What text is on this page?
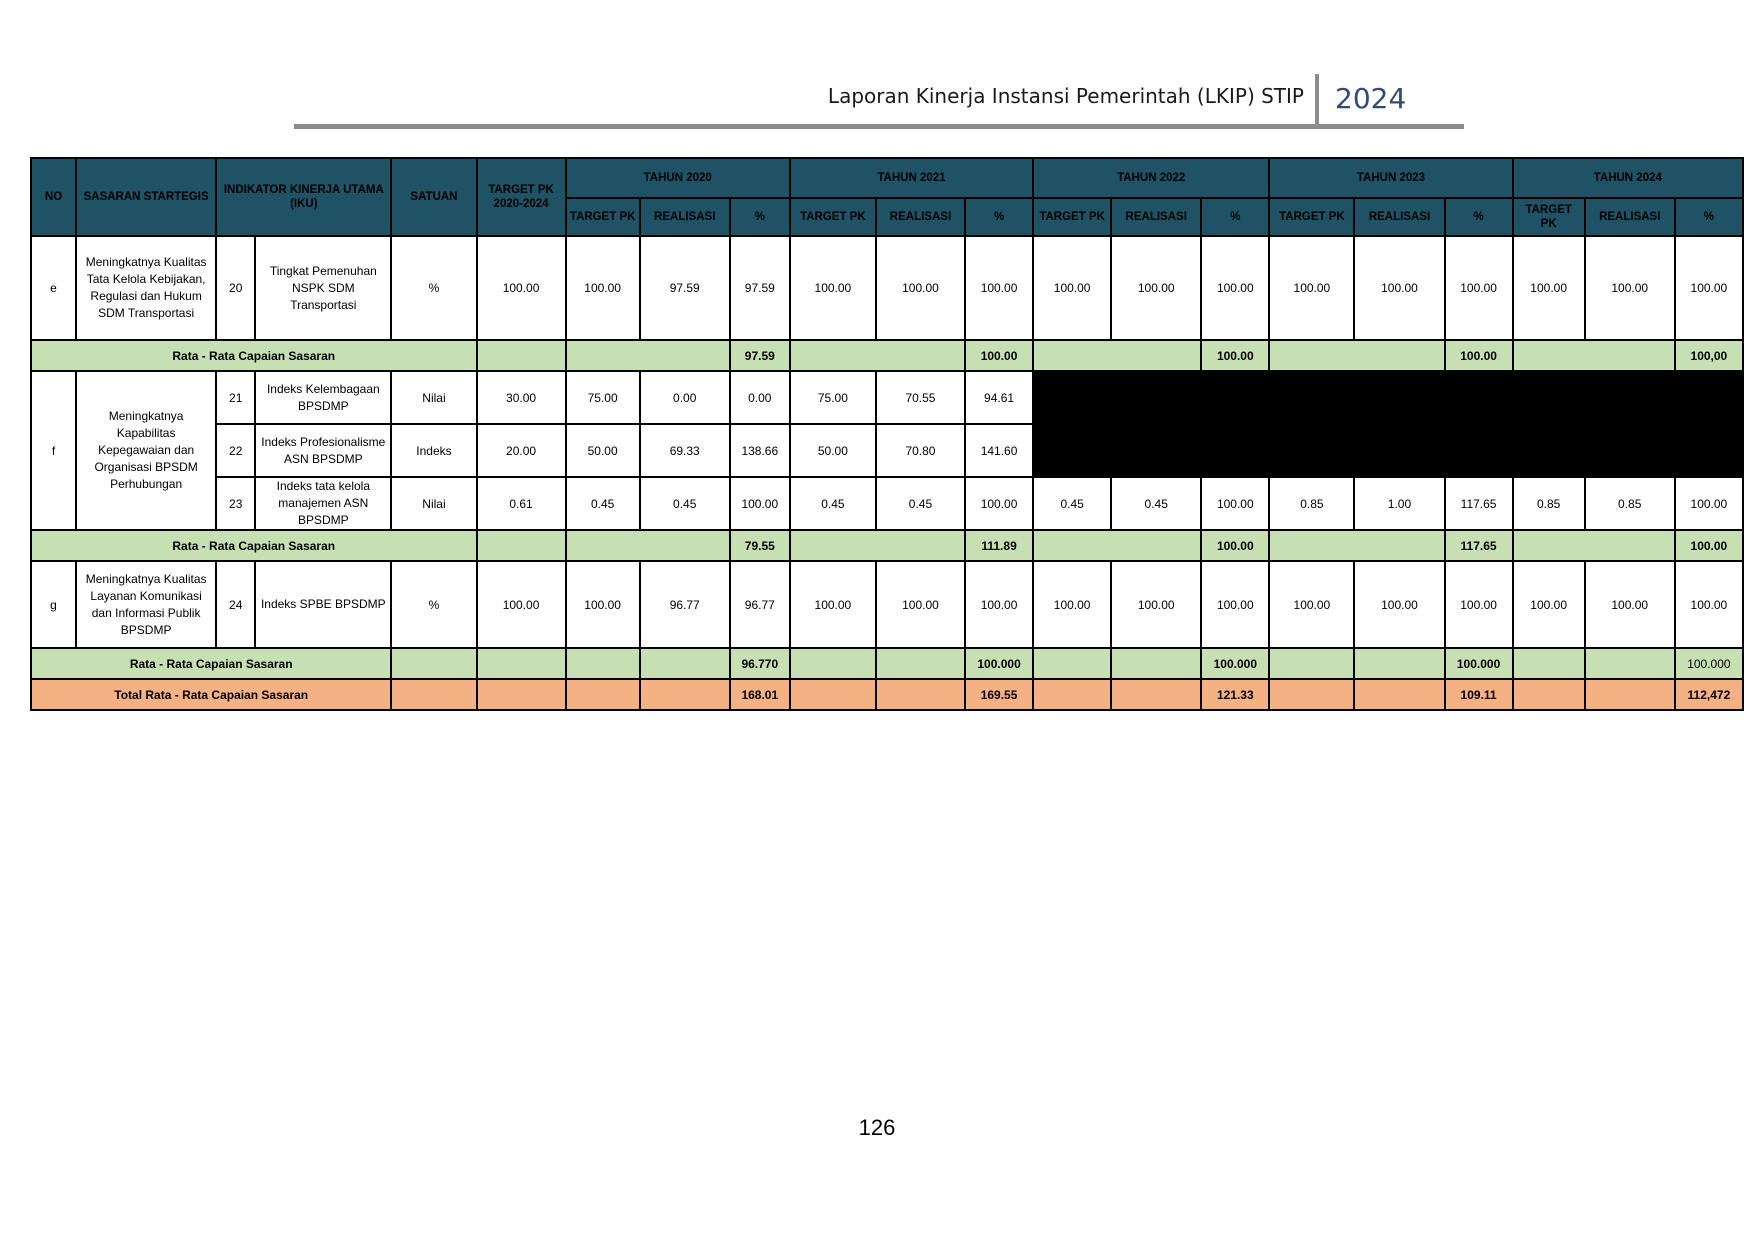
Laporan Kinerja Instansi Pemerintah (LKIP) STIP 2024
NO	SASARAN STARTEGIS	INDIKATOR KINERJA UTAMA (IKU)		SATUAN	TARGET PK 2020-2024	TAHUN 2020			TAHUN 2021			TAHUN 2022			TAHUN 2023			TAHUN 2024		
						TARGET PK	REALISASI	%	TARGET PK	REALISASI	%	TARGET PK	REALISASI	%	TARGET PK	REALISASI	%	TARGET PK	REALISASI	%
e	Meningkatnya Kualitas Tata Kelola Kebijakan, Regulasi dan Hukum SDM Transportasi	20	Tingkat Pemenuhan NSPK SDM Transportasi	%	100.00	100.00	97.59	97.59	100.00	100.00	100.00	100.00	100.00	100.00	100.00	100.00	100.00	100.00	100.00	100.00
Rata - Rata Capaian Sasaran								97.59			100.00			100.00			100.00			100,00
f	Meningkatnya Kapabilitas Kepegawaian dan Organisasi BPSDM Perhubungan	21	Indeks Kelembagaan BPSDMP	Nilai	30.00	75.00	0.00	0.00	75.00	70.55	94.61									
		22	Indeks Profesionalisme ASN BPSDMP	Indeks	20.00	50.00	69.33	138.66	50.00	70.80	141.60									
		23	Indeks tata kelola manajemen ASN BPSDMP	Nilai	0.61	0.45	0.45	100.00	0.45	0.45	100.00	0.45	0.45	100.00	0.85	1.00	117.65	0.85	0.85	100.00
Rata - Rata Capaian Sasaran								79.55			111.89			100.00			117.65			100.00
g	Meningkatnya Kualitas Layanan Komunikasi dan Informasi Publik BPSDMP	24	Indeks SPBE BPSDMP	%	100.00	100.00	96.77	96.77	100.00	100.00	100.00	100.00	100.00	100.00	100.00	100.00	100.00	100.00	100.00	100.00
Rata - Rata Capaian Sasaran								96.770			100.000			100.000			100.000			100.000
Total Rata - Rata Capaian Sasaran								168.01			169.55			121.33			109.11			112,472
126
